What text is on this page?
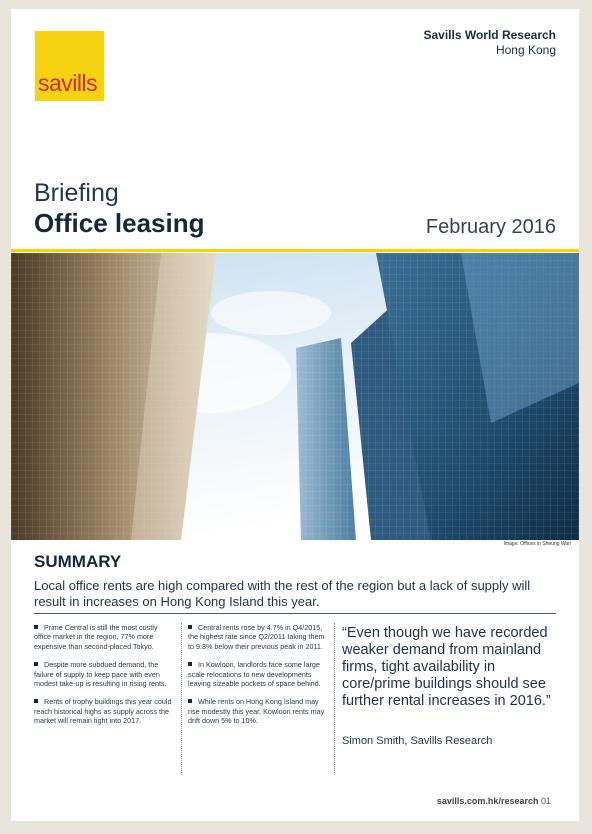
savills
Savills World Research
Hong Kong
Briefing
Office leasing	February 2016
Image: Offices in Sheung Wan
SUMMARY
Local office rents are high compared with the rest of the region but a lack of supply will result in increases on Hong Kong Island this year.

Prime Central is still the most costly office market in the region, 77% more expensive than second-placed Tokyo.

Despite more subdued demand, the failure of supply to keep pace with even modest take-up is resulting in rising rents.

Rents of trophy buildings this year could reach historical highs as supply across the market will remain tight into 2017.

Central rents rose by 4.7% in Q4/2015, the highest rate since Q2/2011 taking them to 9.3% below their previous peak in 2011.

In Kowloon, landlords face some large scale relocations to new developments leaving sizeable pockets of space behind.

While rents on Hong Kong Island may rise modestly this year, Kowloon rents may drift down 5% to 10%.

“Even though we have recorded weaker demand from mainland firms, tight availability in core/prime buildings should see further rental increases in 2016.”
Simon Smith, Savills Research
savills.com.hk/research 01
